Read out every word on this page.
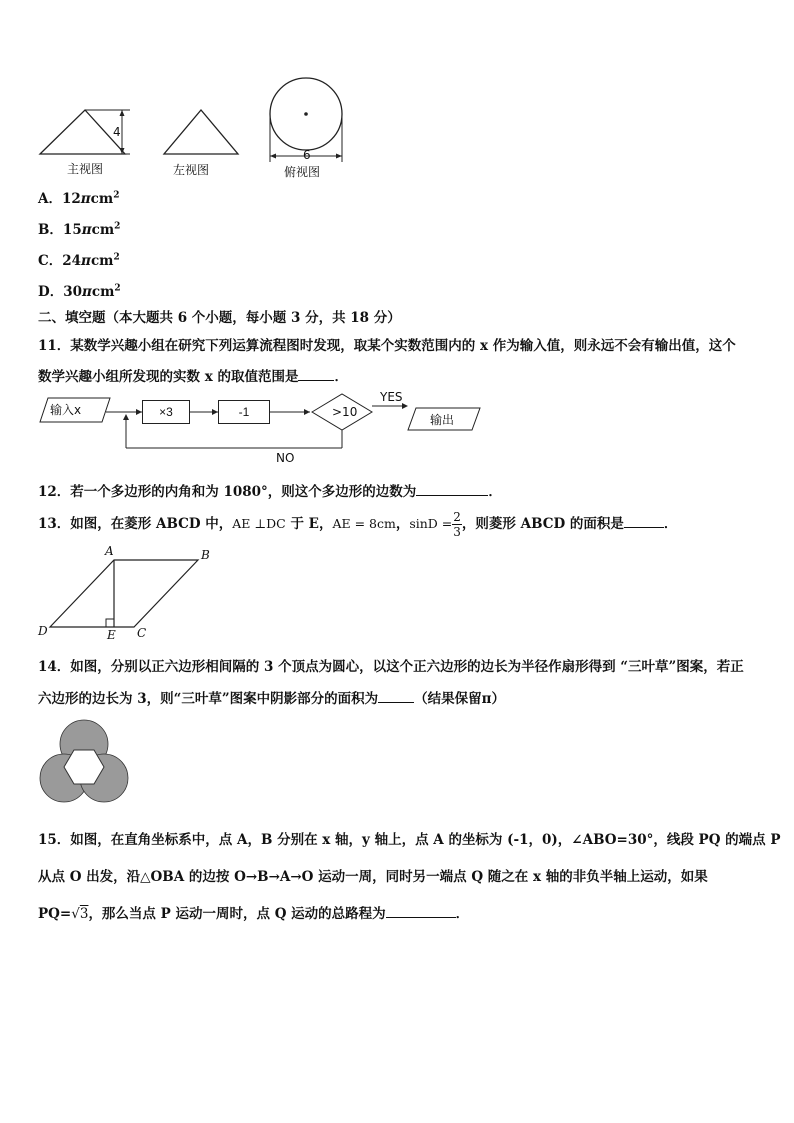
4
6
主视图	左视图	俯视图
A．12πcm$^2$
B．15πcm$^2$
C．24πcm$^2$
D．30πcm$^2$
二、填空题（本大题共 6 个小题，每小题 3 分，共 18 分）
11．某数学兴趣小组在研究下列运算流程图时发现，取某个实数范围内的 x 作为输入值，则永远不会有输出值，这个
数学兴趣小组所发现的实数 x 的取值范围是	．
输入x	×3	-1	>10
YES
NO
输出
12．若一个多边形的内角和为 1080°，则这个多边形的边数为	．
13．如图，在菱形 ABCD 中，AE ⊥DC 于 E，AE = 8cm，$\sin D = \frac{2}{3}$ ，则菱形 ABCD 的面积是	．
A	B
D	E C
14．如图，分别以正六边形相间隔的 3 个顶点为圆心，以这个正六边形的边长为半径作扇形得到 “三叶草”图案，若正
六边形的边长为 3，则“三叶草”图案中阴影部分的面积为	（结果保留π）
15．如图，在直角坐标系中，点 A，B 分别在 x 轴，y 轴上，点 A 的坐标为 (-1，0)，∠ABO=30°，线段 PQ 的端点 P
从点 O 出发，沿△OBA 的边按 O→B→A→O 运动一周，同时另一端点 Q 随之在 x 轴的非负半轴上运动，如果
PQ=√3，那么当点 P 运动一周时，点 Q 运动的总路程为	．
